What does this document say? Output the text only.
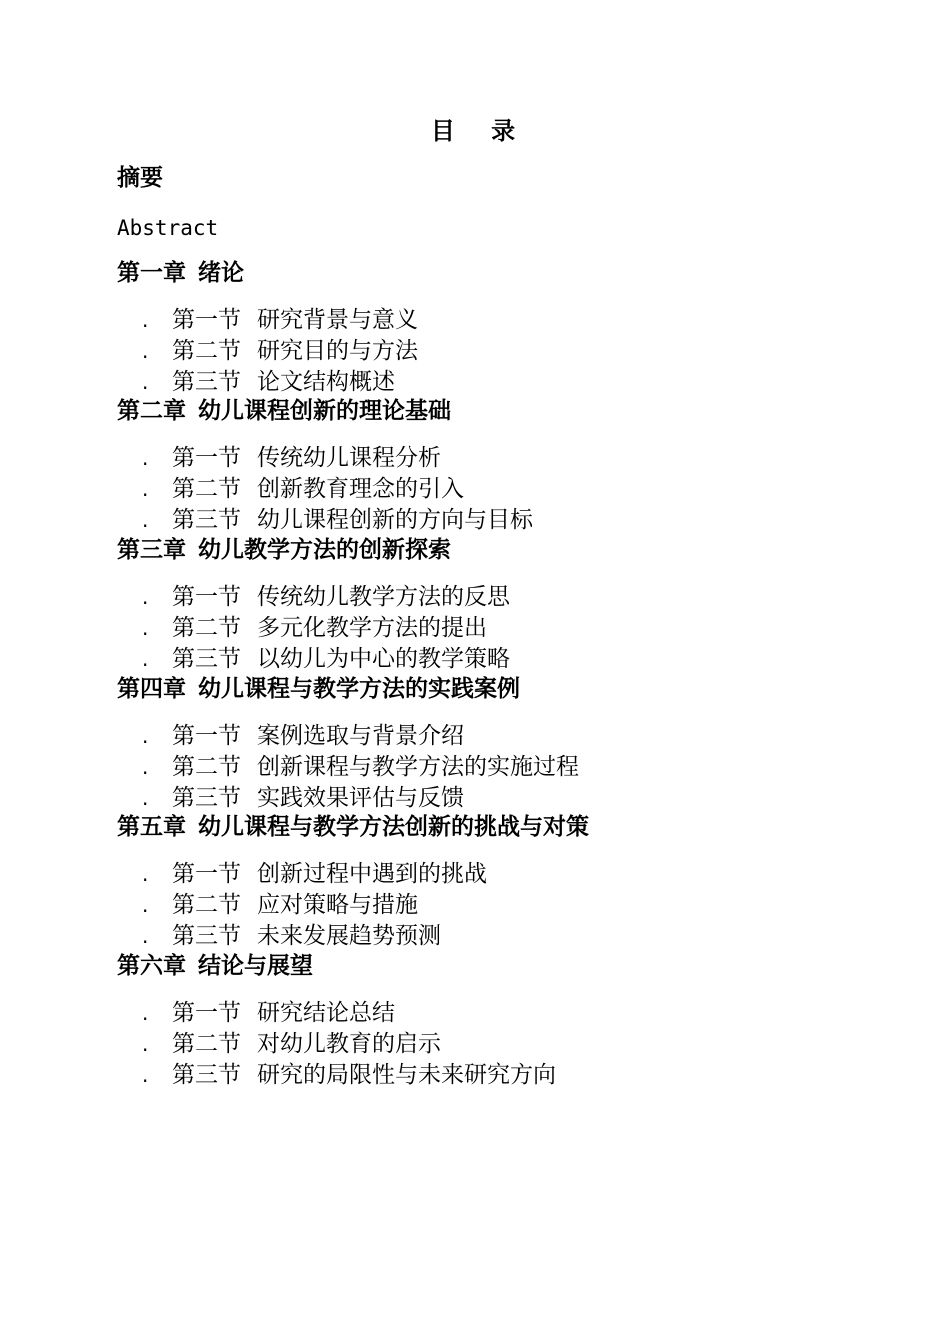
目 录
摘要
Abstract
第一章 绪论
. 第一节 研究背景与意义
. 第二节 研究目的与方法
. 第三节 论文结构概述
第二章 幼儿课程创新的理论基础
. 第一节 传统幼儿课程分析
. 第二节 创新教育理念的引入
. 第三节 幼儿课程创新的方向与目标
第三章 幼儿教学方法的创新探索
. 第一节 传统幼儿教学方法的反思
. 第二节 多元化教学方法的提出
. 第三节 以幼儿为中心的教学策略
第四章 幼儿课程与教学方法的实践案例
. 第一节 案例选取与背景介绍
. 第二节 创新课程与教学方法的实施过程
. 第三节 实践效果评估与反馈
第五章 幼儿课程与教学方法创新的挑战与对策
. 第一节 创新过程中遇到的挑战
. 第二节 应对策略与措施
. 第三节 未来发展趋势预测
第六章 结论与展望
. 第一节 研究结论总结
. 第二节 对幼儿教育的启示
. 第三节 研究的局限性与未来研究方向
